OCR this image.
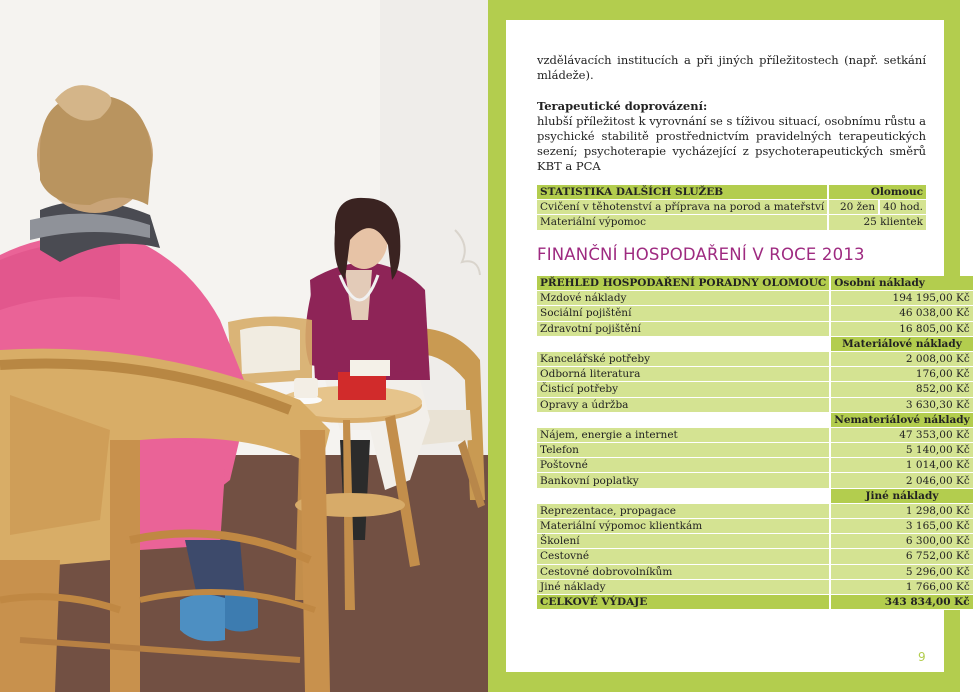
vzdělávacích institucích a při jiných příležitostech (např. setkání mládeže).

Terapeutické doprovázení:
hlubší příležitost k vyrovnání se s tíživou situací, osobnímu růstu a psychické stabilitě prostřednictvím pravidelných terapeutických sezení; psychoterapie vycházející z psychoterapeutických směrů KBT a PCA
STATISTIKA DALŠÍCH SLUŽEB	Olomouc	
Cvičení v těhotenství a příprava na porod a mateřství	20 žen	40 hod.
Materiální výpomoc	25 klientek	
FINANČNÍ HOSPODAŘENÍ V ROCE 2013
PŘEHLED HOSPODAŘENÍ PORADNY OLOMOUC	Osobní náklady
Mzdové náklady	194 195,00 Kč
Sociální pojištění	46 038,00 Kč
Zdravotní pojištění	16 805,00 Kč
	Materiálové náklady
Kancelářské potřeby	2 008,00 Kč
Odborná literatura	176,00 Kč
Čisticí potřeby	852,00 Kč
Opravy a údržba	3 630,30 Kč
	Nemateriálové náklady
Nájem, energie a internet	47 353,00 Kč
Telefon	5 140,00 Kč
Poštovné	1 014,00 Kč
Bankovní poplatky	2 046,00 Kč
	Jiné náklady
Reprezentace, propagace	1 298,00 Kč
Materiální výpomoc klientkám	3 165,00 Kč
Školení	6 300,00 Kč
Cestovné	6 752,00 Kč
Cestovné dobrovolníkům	5 296,00 Kč
Jiné náklady	1 766,00 Kč
CELKOVÉ VÝDAJE	343 834,00 Kč
9
